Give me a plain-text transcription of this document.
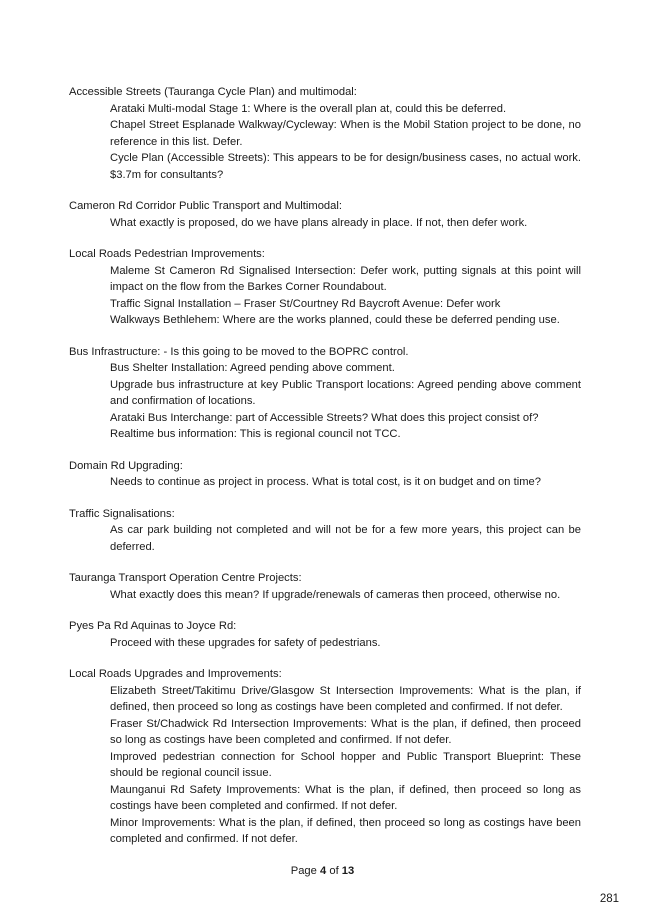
Accessible Streets (Tauranga Cycle Plan) and multimodal:
Arataki Multi-modal Stage 1: Where is the overall plan at, could this be deferred.
Chapel Street Esplanade Walkway/Cycleway: When is the Mobil Station project to be done, no reference in this list. Defer.
Cycle Plan (Accessible Streets): This appears to be for design/business cases, no actual work. $3.7m for consultants?
Cameron Rd Corridor Public Transport and Multimodal:
What exactly is proposed, do we have plans already in place. If not, then defer work.
Local Roads Pedestrian Improvements:
Maleme St Cameron Rd Signalised Intersection: Defer work, putting signals at this point will impact on the flow from the Barkes Corner Roundabout.
Traffic Signal Installation – Fraser St/Courtney Rd Baycroft Avenue: Defer work
Walkways Bethlehem: Where are the works planned, could these be deferred pending use.
Bus Infrastructure: - Is this going to be moved to the BOPRC control.
Bus Shelter Installation: Agreed pending above comment.
Upgrade bus infrastructure at key Public Transport locations: Agreed pending above comment and confirmation of locations.
Arataki Bus Interchange: part of Accessible Streets? What does this project consist of?
Realtime bus information: This is regional council not TCC.
Domain Rd Upgrading:
Needs to continue as project in process. What is total cost, is it on budget and on time?
Traffic Signalisations:
As car park building not completed and will not be for a few more years, this project can be deferred.
Tauranga Transport Operation Centre Projects:
What exactly does this mean? If upgrade/renewals of cameras then proceed, otherwise no.
Pyes Pa Rd Aquinas to Joyce Rd:
Proceed with these upgrades for safety of pedestrians.
Local Roads Upgrades and Improvements:
Elizabeth Street/Takitimu Drive/Glasgow St Intersection Improvements: What is the plan, if defined, then proceed so long as costings have been completed and confirmed. If not defer.
Fraser St/Chadwick Rd Intersection Improvements: What is the plan, if defined, then proceed so long as costings have been completed and confirmed. If not defer.
Improved pedestrian connection for School hopper and Public Transport Blueprint: These should be regional council issue.
Maunganui Rd Safety Improvements: What is the plan, if defined, then proceed so long as costings have been completed and confirmed. If not defer.
Minor Improvements: What is the plan, if defined, then proceed so long as costings have been completed and confirmed. If not defer.
Page 4 of 13
281
